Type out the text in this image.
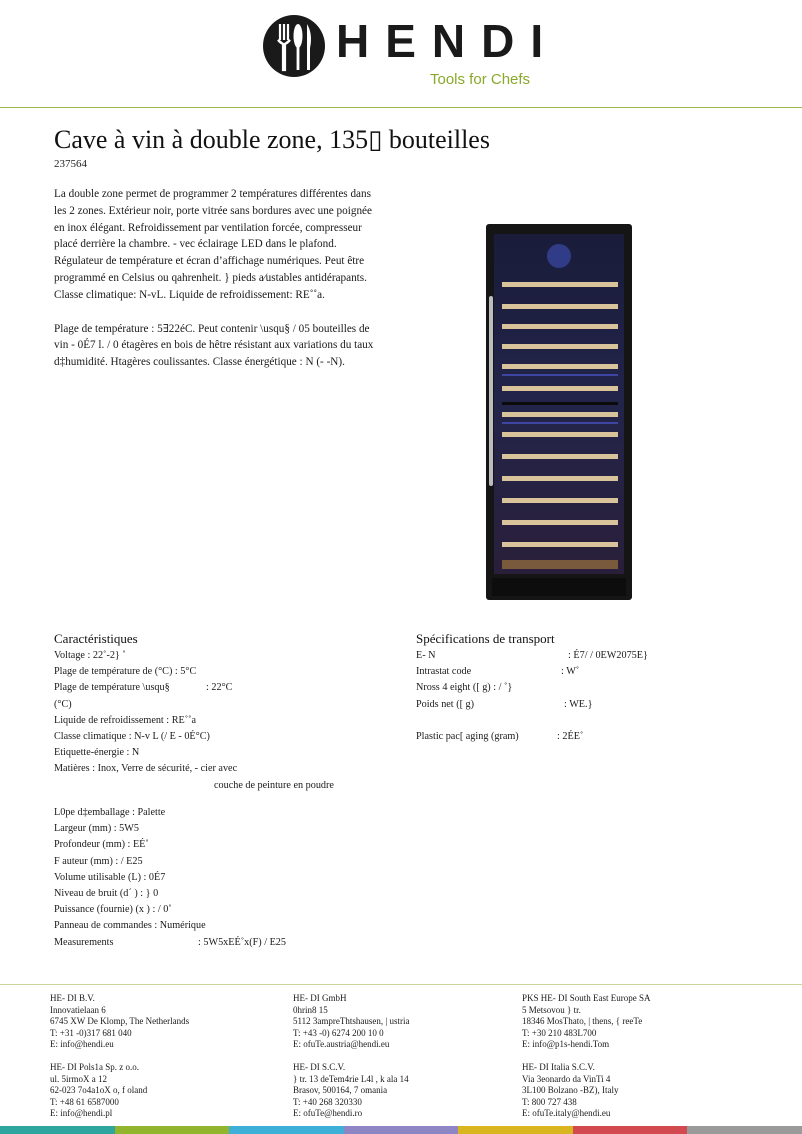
HENDI
Tools for Chefs
Cave à vin à double zone, 135▯ bouteilles
237564

La double zone permet de programmer 2 températures différentes dans les 2 zones. Extérieur noir, porte vitrée sans bordures avec une poignée en inox élégant. Refroidissement par ventilation forcée, compresseur placé derrière la chambre. - vec éclairage LED dans le plafond. Régulateur de température et écran d’affichage numériques. Peut être programmé en Celsius ou qahrenheit. } pieds a⁄ustables antidérapants. Classe climatique: N-vL. Liquide de refroidissement: RE˚˚a.

Plage de température : 5∃22éC. Peut contenir \usqu§ / 05 bouteilles de vin - 0É7 l. / 0 étagères en bois de hêtre résistant aux variations du taux d‡humidité. Htagères coulissantes. Classe énergétique : N (- -N).

Caractéristiques
Voltage : 22˚-2} ˚
Plage de température de (°C) : 5°C
Plage de température \usqu§	: 22°C
(°C)
Liquide de refroidissement : RE˚˚a
Classe climatique : N-v L (/ E - 0É°C)
Etiquette-énergie : N
Matières : Inox, Verre de sécurité, - cier avec
couche de peinture en poudre
L0pe d‡emballage : Palette
Largeur (mm) : 5W5
Profondeur (mm) : EÉ˚
F auteur (mm) : / E25
Volume utilisable (L) : 0É7
Niveau de bruit (d´ ) : } 0
Puissance (fournie) (x ) : / 0˚
Panneau de commandes : Numérique
Measurements	: 5W5xEÉ˚x(F) / E25
Spécifications de transport
E- N	: É7/ / 0EW2075E}
Intrastat code	: W˚
Nross 4 eight ([ g) : / ˚}
Poids net ([ g)	: WE.}
Plastic pac[ aging (gram)	: 2ÉE˚
HE- DI B.V.
Innovatielaan 6
6745 XW De Klomp, The Netherlands
T: +31 -0)317 681 040
E: info@hendi.eu
HE- DI GmbH
0hrin8 15
5112 3ampreThtshausen, | ustria
T: +43 -0) 6274 200 10 0
E: ofuTe.austria@hendi.eu
PKS HE- DI South East Europe SA
5 Metsovou } tr.
18346 MosThato, | thens, { reeTe
T: +30 210 483L700
E: info@p1s-hendi.Tom
HE- DI Pols1a Sp. z o.o.
ul. 5irmoX a 12
62-023 7o4a1oX o, f oland
T: +48 61 6587000
E: info@hendi.pl
HE- DI S.C.V.
} tr. 13 deTem4rie L4l , k ala 14
Brasov, 500164, 7 omania
T: +40 268 320330
E: ofuTe@hendi.ro
HE- DI Italia S.C.V.
Via 3eonardo da VinTi 4
3L100 Bolzano -BZ), Italy
T: 800 727 438
E: ofuTe.italy@hendi.eu
